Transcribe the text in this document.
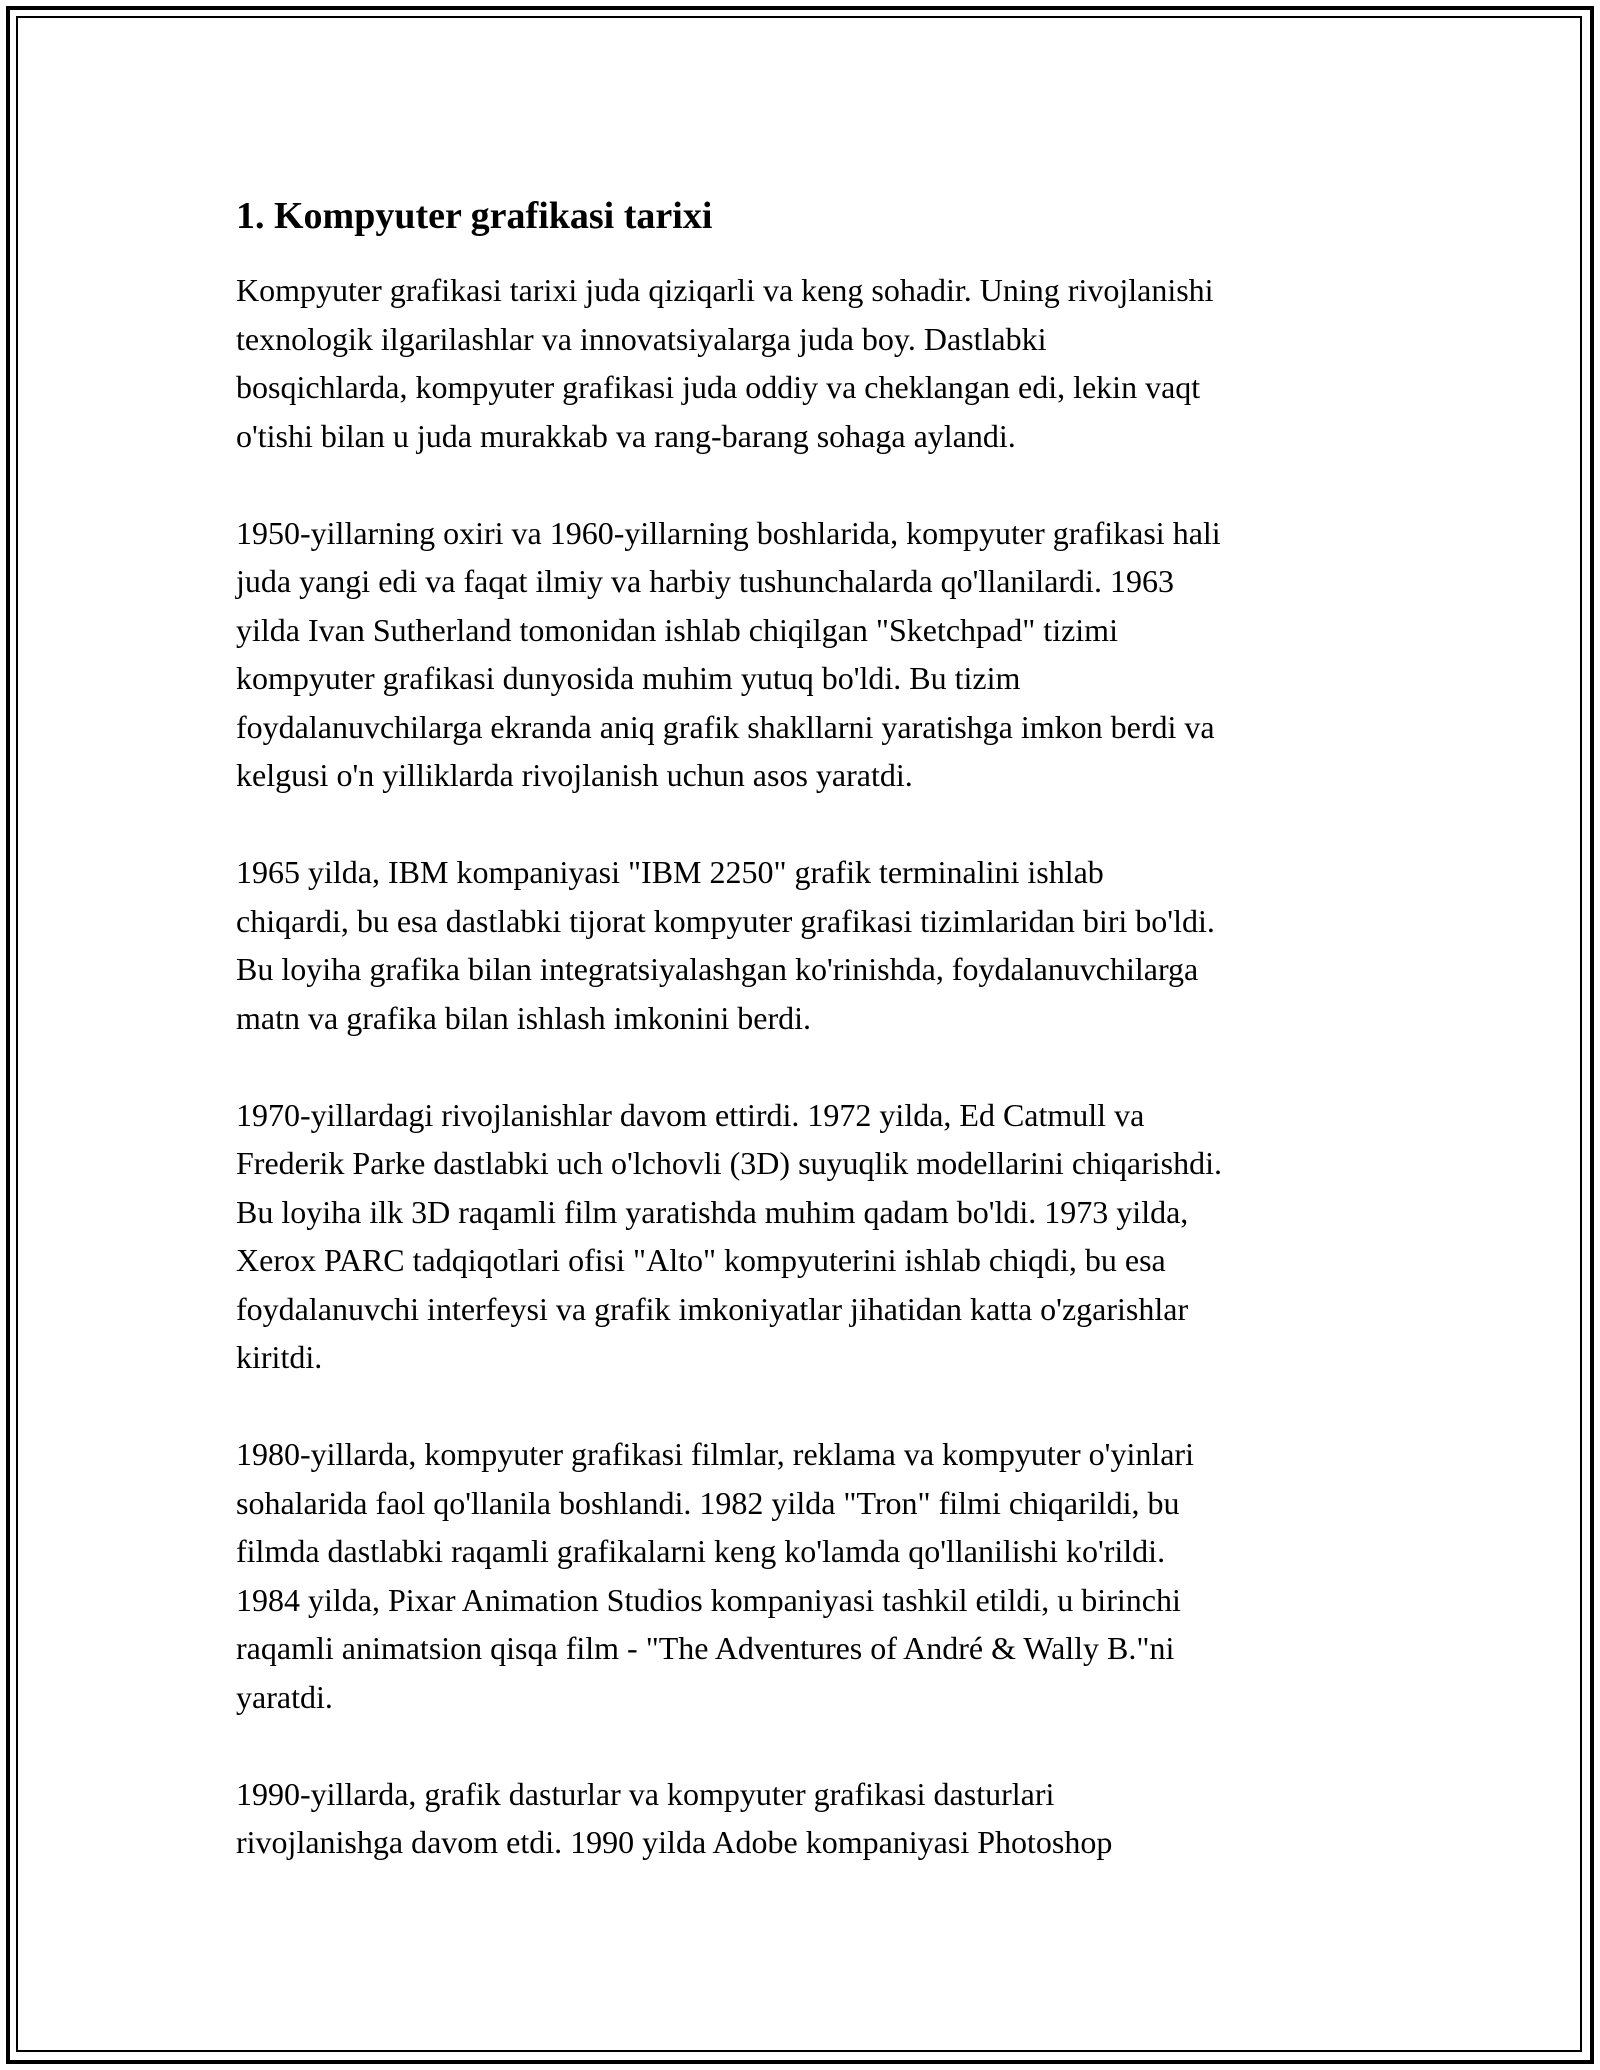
1. Kompyuter grafikasi tarixi

Kompyuter grafikasi tarixi juda qiziqarli va keng sohadir. Uning rivojlanishi
texnologik ilgarilashlar va innovatsiyalarga juda boy. Dastlabki
bosqichlarda, kompyuter grafikasi juda oddiy va cheklangan edi, lekin vaqt
o'tishi bilan u juda murakkab va rang-barang sohaga aylandi.

1950-yillarning oxiri va 1960-yillarning boshlarida, kompyuter grafikasi hali
juda yangi edi va faqat ilmiy va harbiy tushunchalarda qo'llanilardi. 1963
yilda Ivan Sutherland tomonidan ishlab chiqilgan "Sketchpad" tizimi
kompyuter grafikasi dunyosida muhim yutuq bo'ldi. Bu tizim
foydalanuvchilarga ekranda aniq grafik shakllarni yaratishga imkon berdi va
kelgusi o'n yilliklarda rivojlanish uchun asos yaratdi.

1965 yilda, IBM kompaniyasi "IBM 2250" grafik terminalini ishlab
chiqardi, bu esa dastlabki tijorat kompyuter grafikasi tizimlaridan biri bo'ldi.
Bu loyiha grafika bilan integratsiyalashgan ko'rinishda, foydalanuvchilarga
matn va grafika bilan ishlash imkonini berdi.

1970-yillardagi rivojlanishlar davom ettirdi. 1972 yilda, Ed Catmull va
Frederik Parke dastlabki uch o'lchovli (3D) suyuqlik modellarini chiqarishdi.
Bu loyiha ilk 3D raqamli film yaratishda muhim qadam bo'ldi. 1973 yilda,
Xerox PARC tadqiqotlari ofisi "Alto" kompyuterini ishlab chiqdi, bu esa
foydalanuvchi interfeysi va grafik imkoniyatlar jihatidan katta o'zgarishlar
kiritdi.

1980-yillarda, kompyuter grafikasi filmlar, reklama va kompyuter o'yinlari
sohalarida faol qo'llanila boshlandi. 1982 yilda "Tron" filmi chiqarildi, bu
filmda dastlabki raqamli grafikalarni keng ko'lamda qo'llanilishi ko'rildi.
1984 yilda, Pixar Animation Studios kompaniyasi tashkil etildi, u birinchi
raqamli animatsion qisqa film - "The Adventures of André & Wally B."ni
yaratdi.

1990-yillarda, grafik dasturlar va kompyuter grafikasi dasturlari
rivojlanishga davom etdi. 1990 yilda Adobe kompaniyasi Photoshop
